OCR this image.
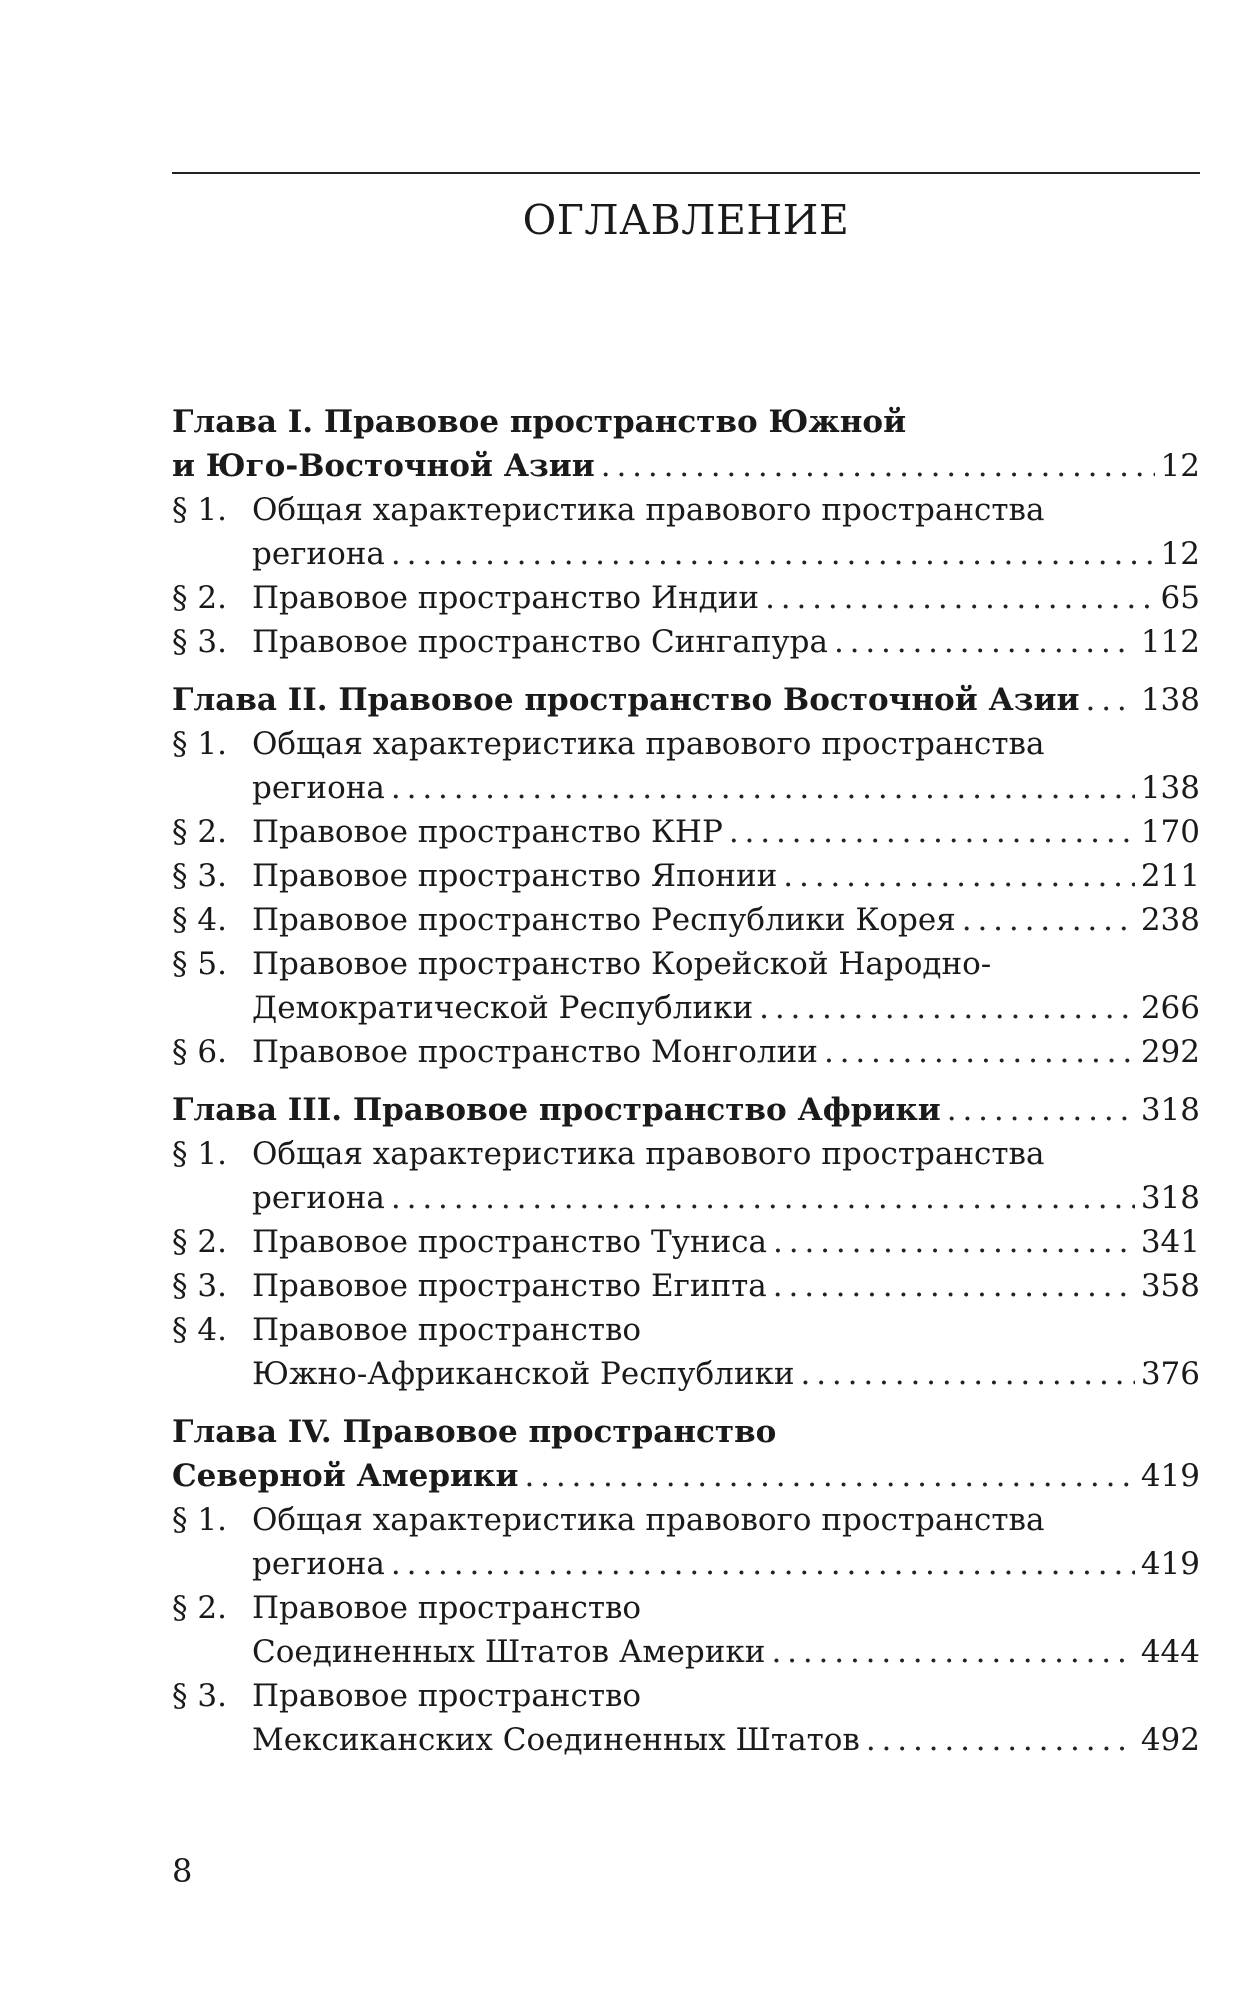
ОГЛАВЛЕНИЕ
Глава I. Правовое пространство Южной
и Юго-Восточной Азии . . .	12
§ 1. Общая характеристика правового пространства
региона . . .	12
§ 2. Правовое пространство Индии . . .	65
§ 3. Правовое пространство Сингапура . . .	112
Глава II. Правовое пространство Восточной Азии . . . 138
§ 1. Общая характеристика правового пространства
региона . . .	138
§ 2. Правовое пространство КНР . . .	170
§ 3. Правовое пространство Японии . . .	211
§ 4. Правовое пространство Республики Корея . . .	238
§ 5. Правовое пространство Корейской Народно-
Демократической Республики . . .	266
§ 6. Правовое пространство Монголии . . .	292
Глава III. Правовое пространство Африки . . .	318
§ 1. Общая характеристика правового пространства
региона . . .	318
§ 2. Правовое пространство Туниса . . .	341
§ 3. Правовое пространство Египта . . .	358
§ 4. Правовое пространство
Южно-Африканской Республики . . .	376
Глава IV. Правовое пространство
Северной Америки . . .	419
§ 1. Общая характеристика правового пространства
региона . . .	419
§ 2. Правовое пространство
Соединенных Штатов Америки . . .	444
§ 3. Правовое пространство
Мексиканских Соединенных Штатов . . .	492
8
